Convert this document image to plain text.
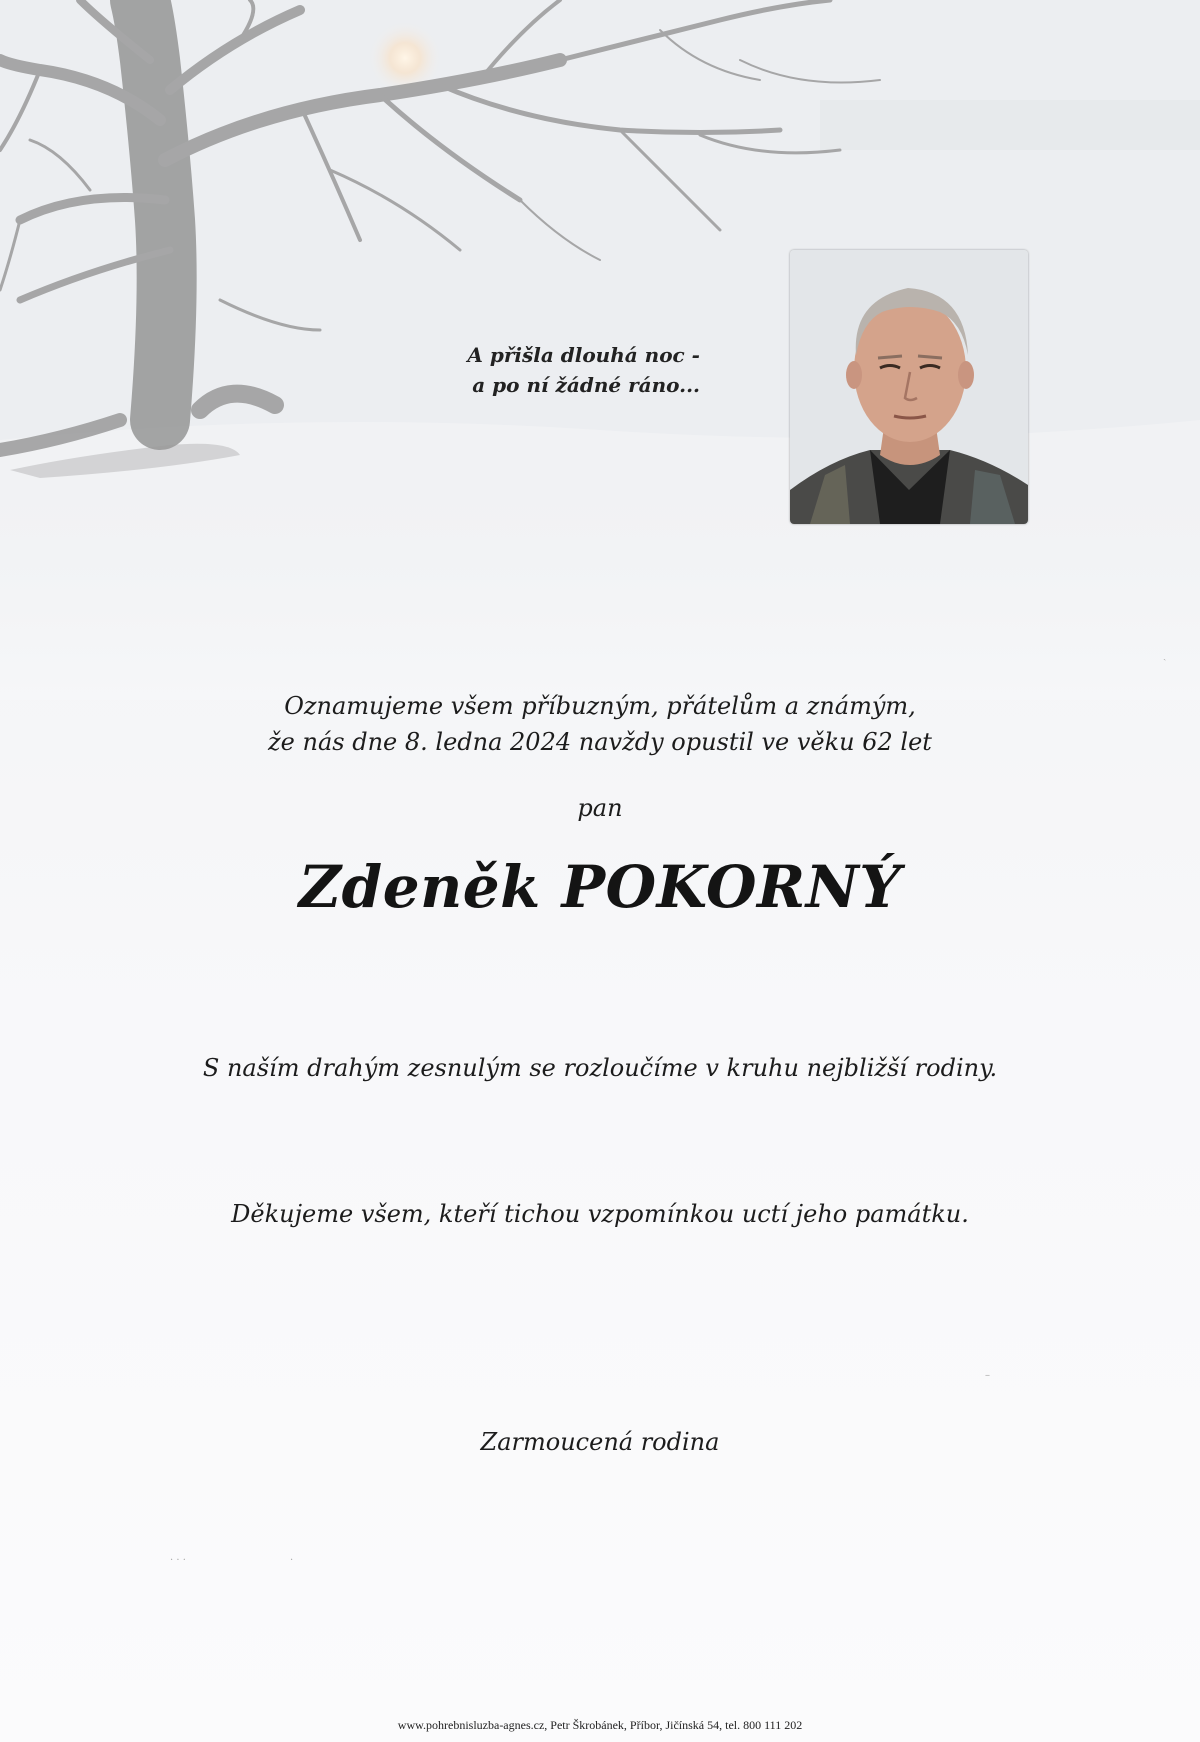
A přišla dlouhá noc -
a po ní žádné ráno...
Oznamujeme všem příbuzným, přátelům a známým,
že nás dne 8. ledna 2024 navždy opustil ve věku 62 let
pan
Zdeněk POKORNÝ
S naším drahým zesnulým se rozloučíme v kruhu nejbližší rodiny.
Děkujeme všem, kteří tichou vzpomínkou uctí jeho památku.
Zarmoucená rodina
ˏ
–
· · ·	·
www.pohrebnisluzba-agnes.cz, Petr Škrobánek, Příbor, Jičínská 54, tel. 800 111 202
